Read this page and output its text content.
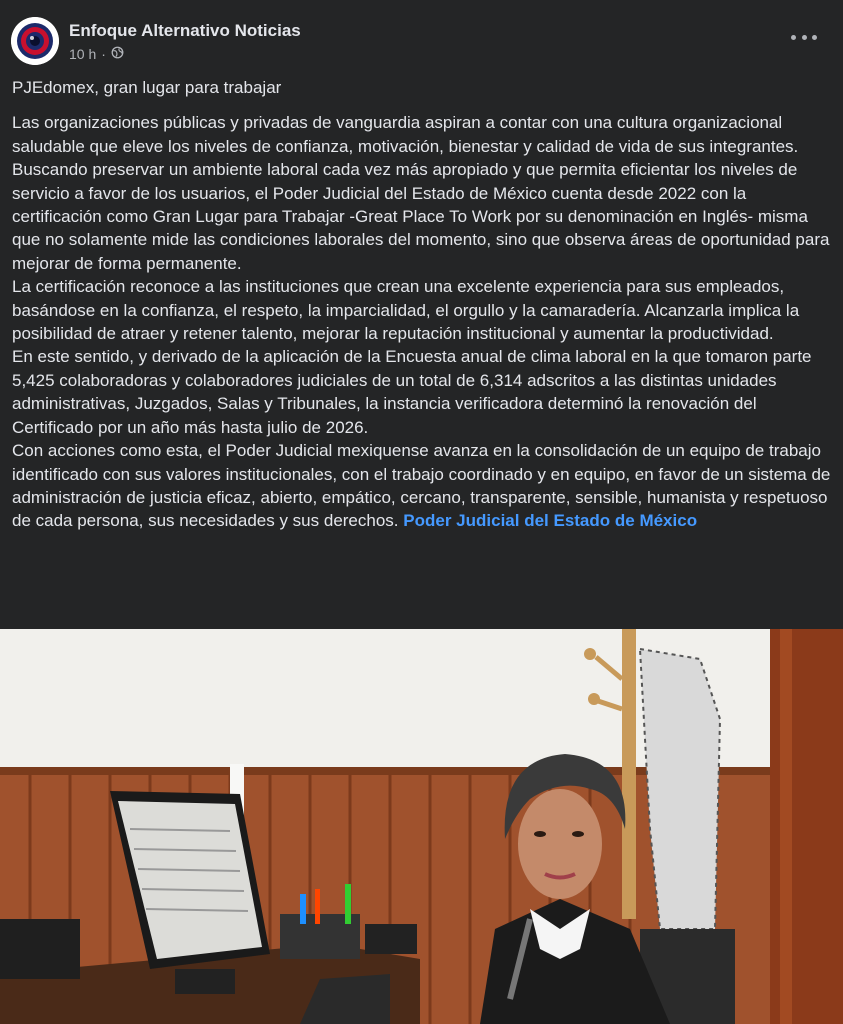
Enfoque Alternativo Noticias
10 h ·

PJEdomex, gran lugar para trabajar

Las organizaciones públicas y privadas de vanguardia aspiran a contar con una cultura organizacional saludable que eleve los niveles de confianza, motivación, bienestar y calidad de vida de sus integrantes.

Buscando preservar un ambiente laboral cada vez más apropiado y que permita eficientar los niveles de servicio a favor de los usuarios, el Poder Judicial del Estado de México cuenta desde 2022 con la certificación como Gran Lugar para Trabajar -Great Place To Work por su denominación en Inglés- misma que no solamente mide las condiciones laborales del momento, sino que observa áreas de oportunidad para mejorar de forma permanente.

La certificación reconoce a las instituciones que crean una excelente experiencia para sus empleados, basándose en la confianza, el respeto, la imparcialidad, el orgullo y la camaradería. Alcanzarla implica la posibilidad de atraer y retener talento, mejorar la reputación institucional y aumentar la productividad.

En este sentido, y derivado de la aplicación de la Encuesta anual de clima laboral en la que tomaron parte 5,425 colaboradoras y colaboradores judiciales de un total de 6,314 adscritos a las distintas unidades administrativas, Juzgados, Salas y Tribunales, la instancia verificadora determinó la renovación del Certificado por un año más hasta julio de 2026.

Con acciones como esta, el Poder Judicial mexiquense avanza en la consolidación de un equipo de trabajo identificado con sus valores institucionales, con el trabajo coordinado y en equipo, en favor de un sistema de administración de justicia eficaz, abierto, empático, cercano, transparente, sensible, humanista y respetuoso de cada persona, sus necesidades y sus derechos. Poder Judicial del Estado de México
